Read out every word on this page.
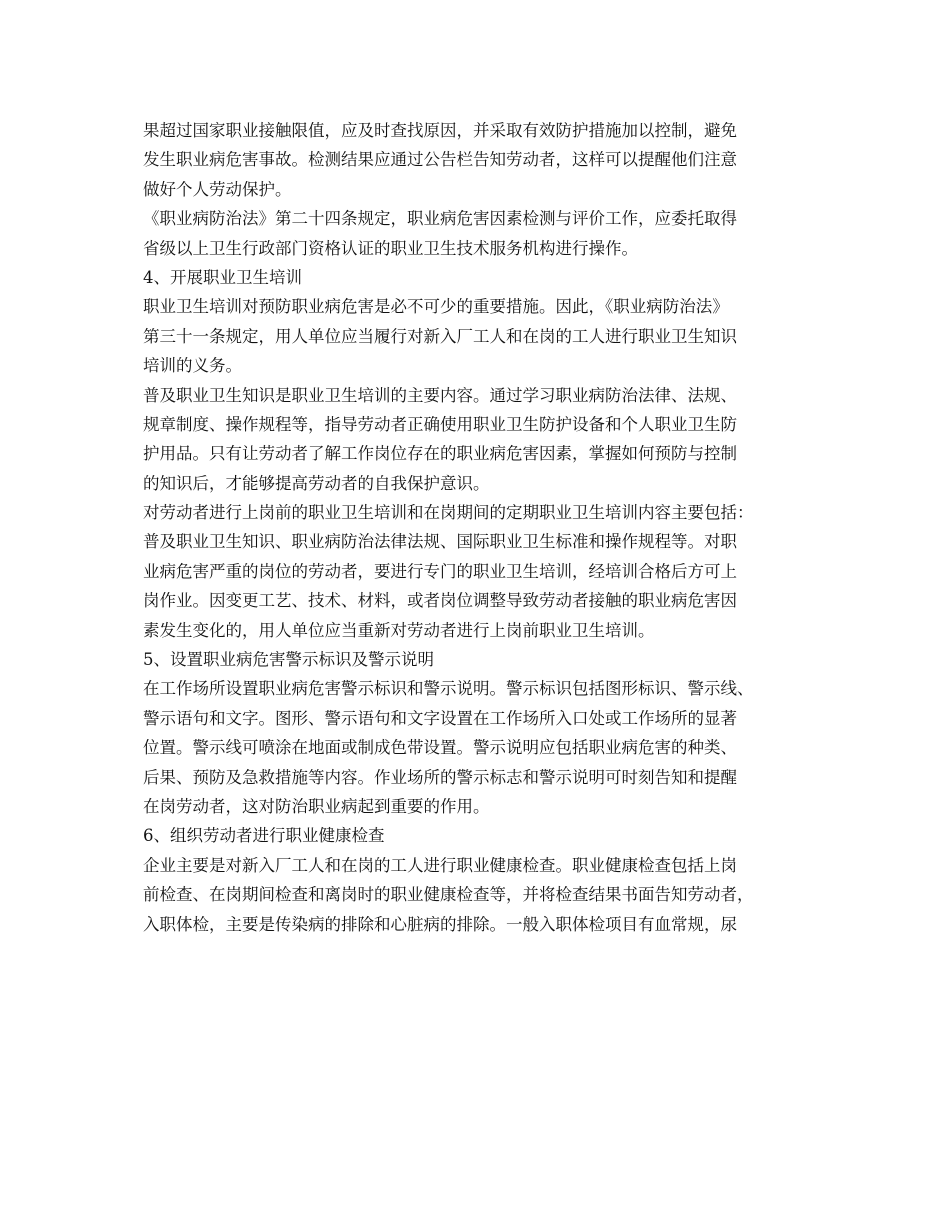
果超过国家职业接触限值，应及时查找原因，并采取有效防护措施加以控制，避免
发生职业病危害事故。检测结果应通过公告栏告知劳动者，这样可以提醒他们注意
做好个人劳动保护。
《职业病防治法》第二十四条规定，职业病危害因素检测与评价工作，应委托取得
省级以上卫生行政部门资格认证的职业卫生技术服务机构进行操作。
4、开展职业卫生培训
职业卫生培训对预防职业病危害是必不可少的重要措施。因此，《职业病防治法》
第三十一条规定，用人单位应当履行对新入厂工人和在岗的工人进行职业卫生知识
培训的义务。
普及职业卫生知识是职业卫生培训的主要内容。通过学习职业病防治法律、法规、
规章制度、操作规程等，指导劳动者正确使用职业卫生防护设备和个人职业卫生防
护用品。只有让劳动者了解工作岗位存在的职业病危害因素，掌握如何预防与控制
的知识后，才能够提高劳动者的自我保护意识。
对劳动者进行上岗前的职业卫生培训和在岗期间的定期职业卫生培训内容主要包括：
普及职业卫生知识、职业病防治法律法规、国际职业卫生标准和操作规程等。对职
业病危害严重的岗位的劳动者，要进行专门的职业卫生培训，经培训合格后方可上
岗作业。因变更工艺、技术、材料，或者岗位调整导致劳动者接触的职业病危害因
素发生变化的，用人单位应当重新对劳动者进行上岗前职业卫生培训。
5、设置职业病危害警示标识及警示说明
在工作场所设置职业病危害警示标识和警示说明。警示标识包括图形标识、警示线、
警示语句和文字。图形、警示语句和文字设置在工作场所入口处或工作场所的显著
位置。警示线可喷涂在地面或制成色带设置。警示说明应包括职业病危害的种类、
后果、预防及急救措施等内容。作业场所的警示标志和警示说明可时刻告知和提醒
在岗劳动者，这对防治职业病起到重要的作用。
6、组织劳动者进行职业健康检查
企业主要是对新入厂工人和在岗的工人进行职业健康检查。职业健康检查包括上岗
前检查、在岗期间检查和离岗时的职业健康检查等，并将检查结果书面告知劳动者，
入职体检，主要是传染病的排除和心脏病的排除。一般入职体检项目有血常规，尿
